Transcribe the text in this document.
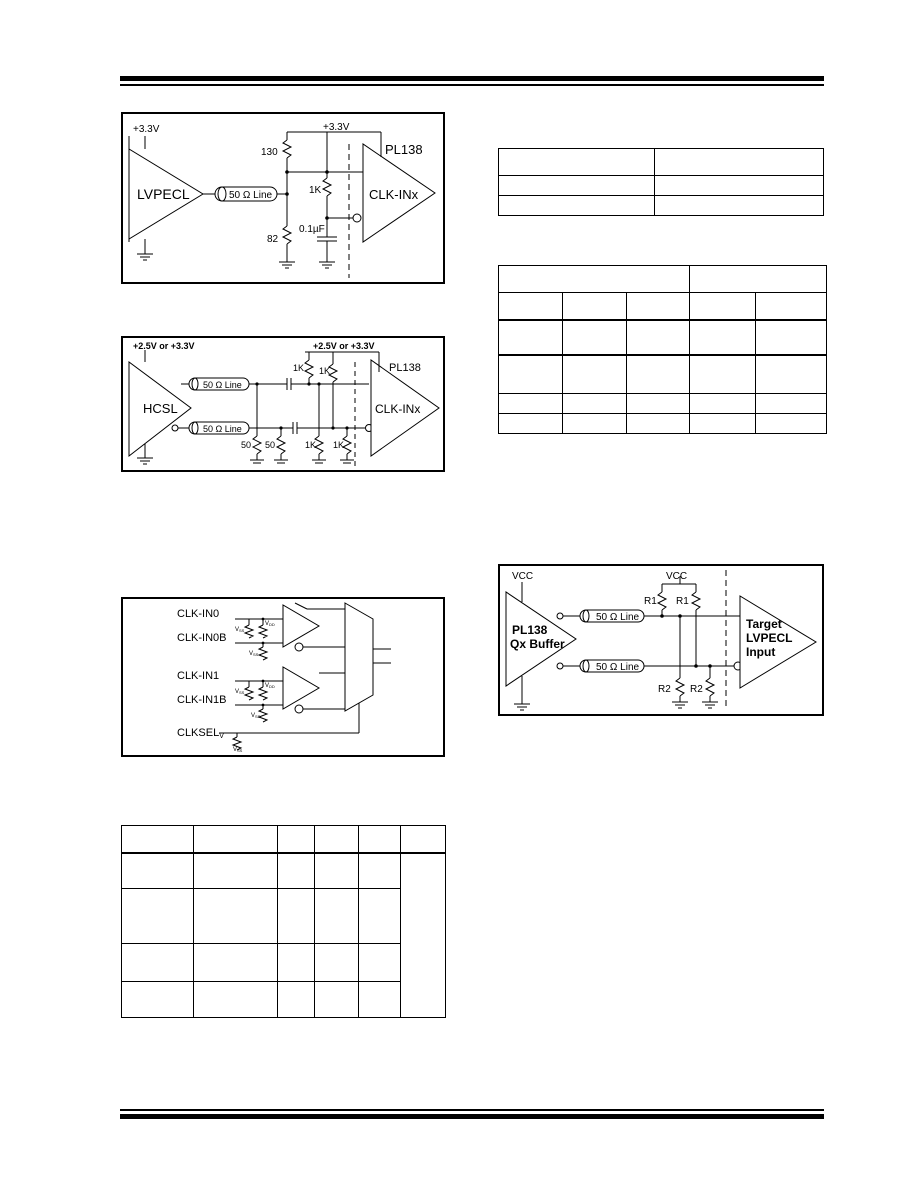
+3.3V	+3.3V
LVPECL	50 Ω Line
130
82
1K
0.1µF
PL138
CLK-INx
+2.5V or +3.3V	+2.5V or +3.3V
HCSL
50 Ω Line
50 Ω Line
50 50
1K 1K
1K 1K
PL138
CLK-INx
CLK-IN0
CLK-IN0B
CLK-IN1
CLK-IN1B
CLKSELV
VSS
VDD
VSS
VSS
VDD
VSS
VSS
VCC	VCC
PL138
Qx Buffer
50 Ω Line
50 Ω Line
R1 R1
R2 R2
Target
LVPECL
Input
